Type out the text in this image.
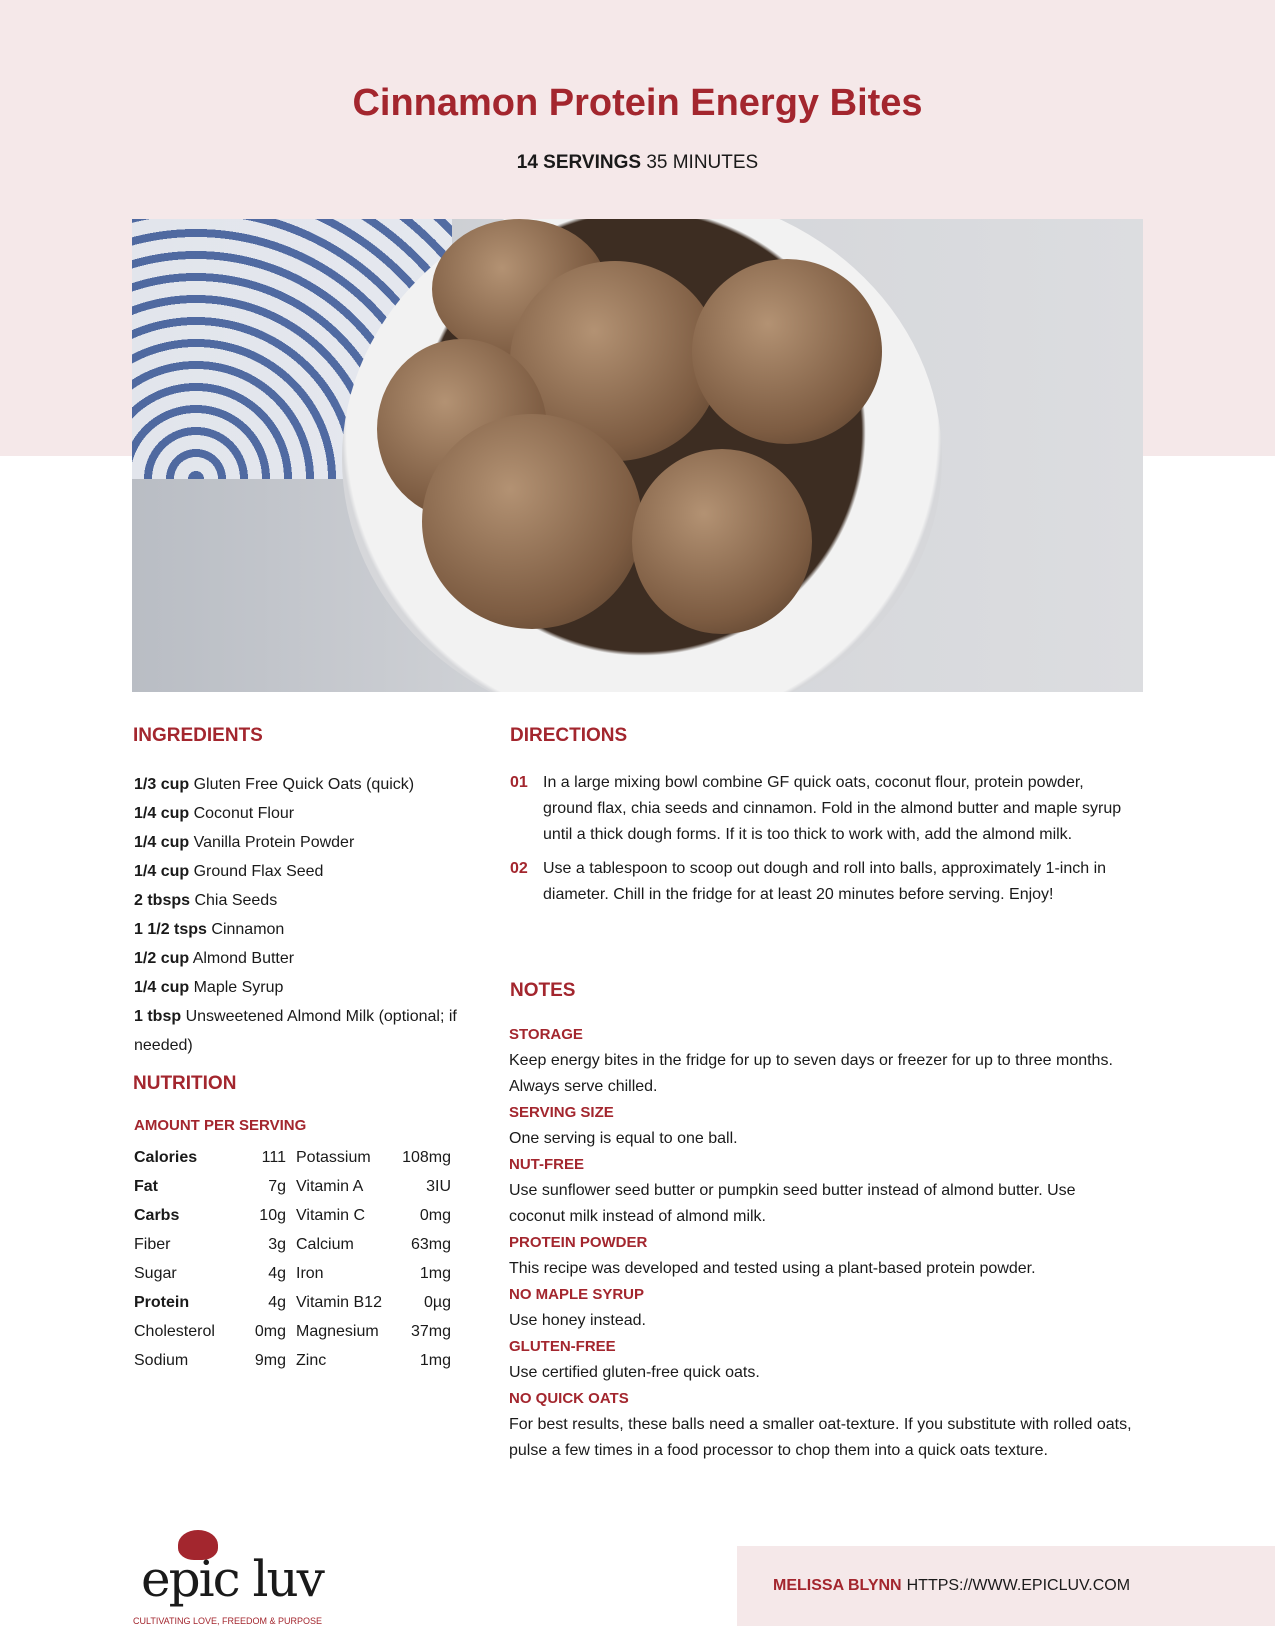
Cinnamon Protein Energy Bites
14 SERVINGS 35 MINUTES
INGREDIENTS
1/3 cup Gluten Free Quick Oats (quick)
1/4 cup Coconut Flour
1/4 cup Vanilla Protein Powder
1/4 cup Ground Flax Seed
2 tbsps Chia Seeds
1 1/2 tsps Cinnamon
1/2 cup Almond Butter
1/4 cup Maple Syrup
1 tbsp Unsweetened Almond Milk (optional; if needed)
NUTRITION
AMOUNT PER SERVING
Calories	111	Potassium	108mg
Fat	7g	Vitamin A	3IU
Carbs	10g	Vitamin C	0mg
Fiber	3g	Calcium	63mg
Sugar	4g	Iron	1mg
Protein	4g	Vitamin B12	0µg
Cholesterol	0mg	Magnesium	37mg
Sodium	9mg	Zinc	1mg
DIRECTIONS
01 In a large mixing bowl combine GF quick oats, coconut flour, protein powder, ground flax, chia seeds and cinnamon. Fold in the almond butter and maple syrup until a thick dough forms. If it is too thick to work with, add the almond milk.
02 Use a tablespoon to scoop out dough and roll into balls, approximately 1-inch in diameter. Chill in the fridge for at least 20 minutes before serving. Enjoy!
NOTES
STORAGE
Keep energy bites in the fridge for up to seven days or freezer for up to three months. Always serve chilled.
SERVING SIZE
One serving is equal to one ball.
NUT-FREE
Use sunflower seed butter or pumpkin seed butter instead of almond butter. Use coconut milk instead of almond milk.
PROTEIN POWDER
This recipe was developed and tested using a plant-based protein powder.
NO MAPLE SYRUP
Use honey instead.
GLUTEN-FREE
Use certified gluten-free quick oats.
NO QUICK OATS
For best results, these balls need a smaller oat-texture. If you substitute with rolled oats, pulse a few times in a food processor to chop them into a quick oats texture.
epic luv
CULTIVATING LOVE, FREEDOM & PURPOSE
MELISSA BLYNN HTTPS://WWW.EPICLUV.COM
